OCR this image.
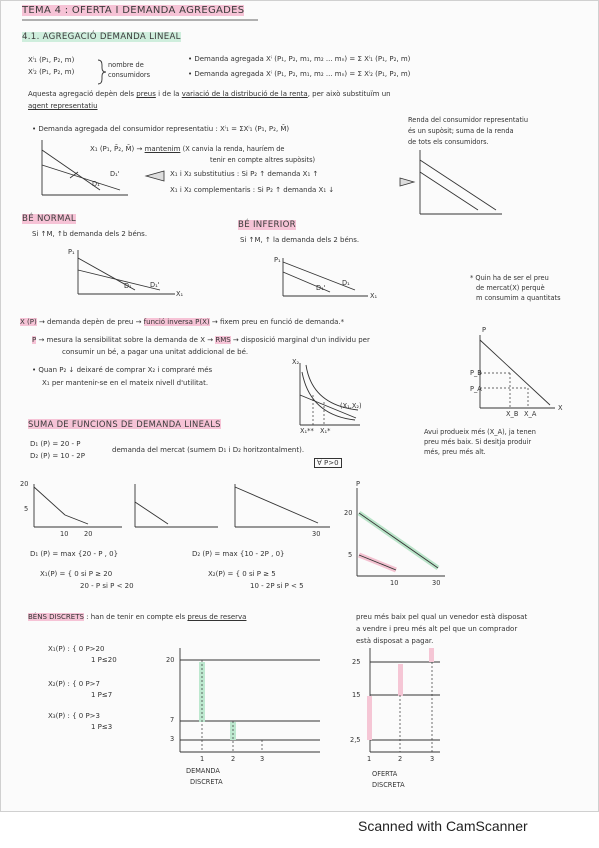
TEMA 4 : OFERTA I DEMANDA AGREGADES
4.1. AGREGACIÓ DEMANDA LINEAL
Xⁱ₁ (P₁, P₂, m)
Xⁱ₂ (P₁, P₂, m)
nombre de
consumidors
• Demanda agregada Xⁱ (P₁, P₂, m₁, m₂ ... mₙ) = Σ Xⁱ₁ (P₁, P₂, m)
• Demanda agregada Xⁱ (P₁, P₂, m₁, m₂ ... mₙ) = Σ Xⁱ₂ (P₁, P₂, m)
Aquesta agregació depèn dels preus i de la variació de la distribució de la renta, per això substituïm un
agent representatiu
• Demanda agregada del consumidor representatiu : Xⁱ₁ = ΣXⁱ₁ (P₁, P₂, M̄)
Renda del consumidor representatiu
és un supòsit; suma de la renda
de tots els consumidors.
X₁ (P₁, P̄₂, M̄) → mantenim (X canvia la renda, hauríem de
tenir en compte altres supòsits)
D₁
D₁'	X₁ i X₂ substitutius : Si P₂ ↑ demanda X₁ ↑
X₁ i X₂ complementaris : Si P₂ ↑ demanda X₁ ↓
BÉ NORMAL
Si ↑M, ↑b demanda dels 2 béns.
P₁
X₁
D₁	D₁'
BÉ INFERIOR
Si ↑M, ↑ la demanda dels 2 béns.
P₁
X₁
D₁
D₁'
* Quin ha de ser el preu
de mercat(X) perquè
m consumim a quantitats
X (P) → demanda depèn de preu → funció inversa P(X) → fixem preu en funció de demanda.*
P → mesura la sensibilitat sobre la demanda de X → RMS → disposició marginal d'un individu per
consumir un bé, a pagar una unitat addicional de bé.
• Quan P₂ ↓ deixaré de comprar X₂ i compraré més
X₁ per mantenir-se en el mateix nivell d'utilitat.
X₂
(X₁,X₂)
X₁** X₁*
P
P_B
P_A
X_B X_A
X
Avui produeix més (X_A), ja tenen
preu més baix. Si desitja produir
més, preu més alt.
SUMA DE FUNCIONS DE DEMANDA LINEALS
D₁ (P) = 20 - P
D₂ (P) = 10 - 2P
demanda del mercat (sumem D₁ i D₂ horitzontalment).
∀ P>0
20
5
10 20	30
P
20
5
10	30
D₁ (P) = max {20 - P , 0}	D₂ (P) = max {10 - 2P , 0}
X₁(P) = { 0 si P ≥ 20
20 - P si P < 20
X₂(P) = { 0 si P ≥ 5
10 - 2P si P < 5
BÉNS DISCRETS : han de tenir en compte els preus de reserva	preu més baix pel qual un venedor està disposat
a vendre i preu més alt pel que un comprador
està disposat a pagar.
X₁(P) : { 0 P>20
1 P≤20
X₂(P) : { 0 P>7
1 P≤7
X₃(P) : { 0 P>3
1 P≤3
20
7
3
1	2	3
DEMANDA
DISCRETA
25
15
2,5
1	2	3
OFERTA
DISCRETA
Scanned with CamScanner
